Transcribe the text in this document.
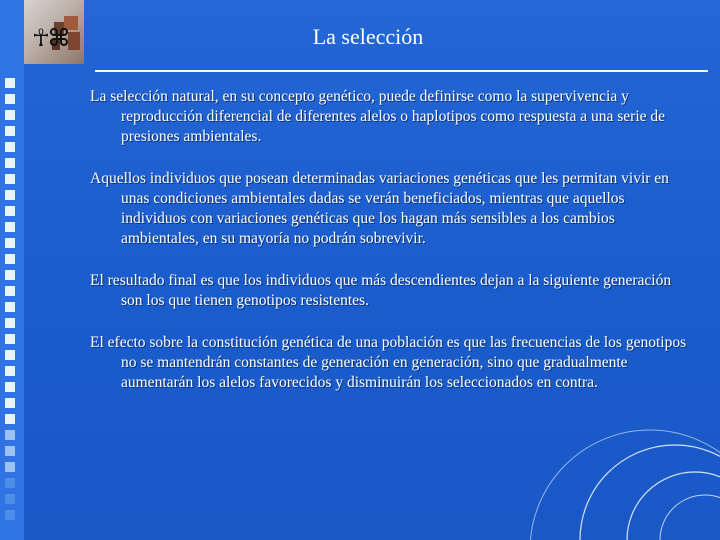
☥⌘	La selección

La selección natural, en su concepto genético, puede definirse como la supervivencia y reproducción diferencial de diferentes alelos o haplotipos como respuesta a una serie de presiones ambientales.

Aquellos individuos que posean determinadas variaciones genéticas que les permitan vivir en unas condiciones ambientales dadas se verán beneficiados, mientras que aquellos individuos con variaciones genéticas que los hagan más sensibles a los cambios ambientales, en su mayoría no podrán sobrevivir.

El resultado final es que los individuos que más descendientes dejan a la siguiente generación son los que tienen genotipos resistentes.

El efecto sobre la constitución genética de una población es que las frecuencias de los genotipos no se mantendrán constantes de generación en generación, sino que gradualmente aumentarán los alelos favorecidos y disminuirán los seleccionados en contra.
